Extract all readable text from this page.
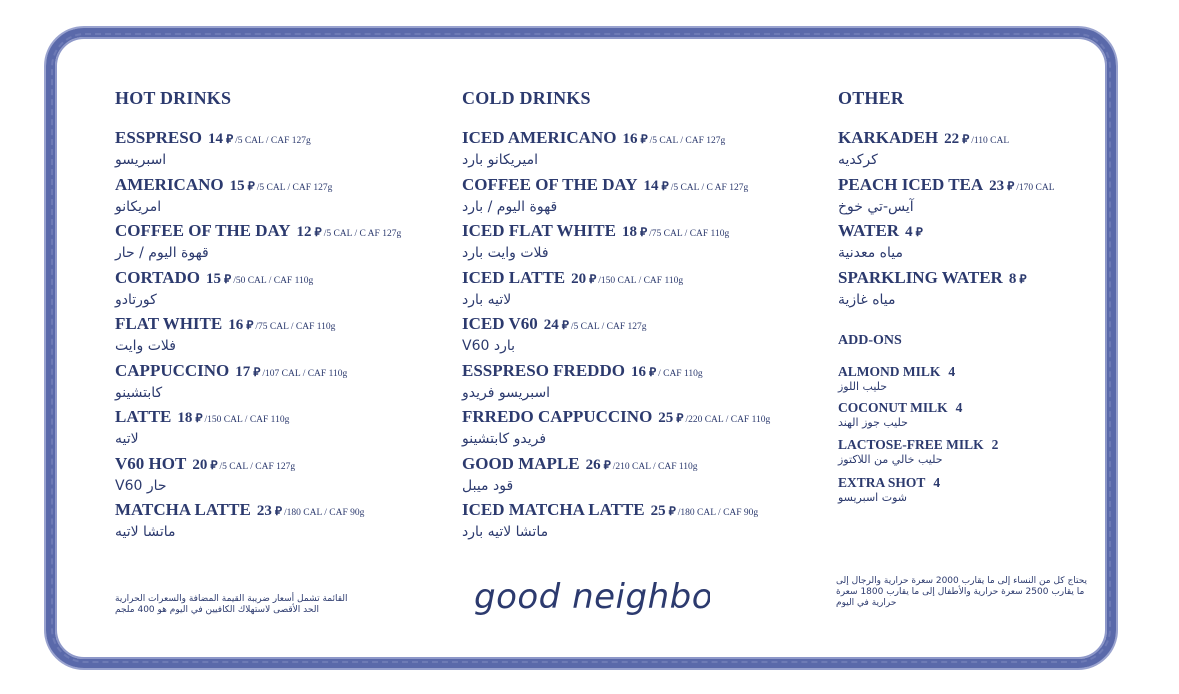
HOT DRINKS
ESSPRESO 14 ⃁ /5 CAL / CAF 127g
اسبريسو
AMERICANO 15 ⃁ /5 CAL / CAF 127g
امريكانو
COFFEE OF THE DAY 12 ⃁ /5 CAL / C AF 127g
قهوة اليوم / حار
CORTADO 15 ⃁ /50 CAL / CAF 110g
كورتادو
FLAT WHITE 16 ⃁ /75 CAL / CAF 110g
فلات وايت
CAPPUCCINO 17 ⃁ /107 CAL / CAF 110g
كابتشينو
LATTE 18 ⃁ /150 CAL / CAF 110g
لاتيه
V60 HOT 20 ⃁ /5 CAL / CAF 127g
V60 حار
MATCHA LATTE 23 ⃁ /180 CAL / CAF 90g
ماتشا لاتيه
COLD DRINKS
ICED AMERICANO 16 ⃁ /5 CAL / CAF 127g
اميريكانو بارد
COFFEE OF THE DAY 14 ⃁ /5 CAL / C AF 127g
قهوة اليوم / بارد
ICED FLAT WHITE 18 ⃁ /75 CAL / CAF 110g
فلات وايت بارد
ICED LATTE 20 ⃁ /150 CAL / CAF 110g
لاتيه بارد
ICED V60 24 ⃁ /5 CAL / CAF 127g
V60 بارد
ESSPRESO FREDDO 16 ⃁ / CAF 110g
اسبريسو فريدو
FRREDO CAPPUCCINO 25 ⃁ /220 CAL / CAF 110g
فريدو كابتشينو
GOOD MAPLE 26 ⃁ /210 CAL / CAF 110g
قود ميبل
ICED MATCHA LATTE 25 ⃁ /180 CAL / CAF 90g
ماتشا لاتيه بارد
OTHER
KARKADEH 22 ⃁ /110 CAL
كركديه
PEACH ICED TEA 23 ⃁ /170 CAL
آيس-تي خوخ
WATER 4 ⃁
مياه معدنية
SPARKLING WATER 8 ⃁
مياه غازية
ADD-ONS
ALMOND MILK 4
حليب اللوز
COCONUT MILK 4
حليب جوز الهند
LACTOSE-FREE MILK 2
حليب خالي من اللاكتوز
EXTRA SHOT 4
شوت اسبريسو
القائمة تشمل أسعار ضريبة القيمة المضافة والسعرات الحرارية الحد الأقصى لاستهلاك الكافيين في اليوم هو 400 ملجم
يحتاج كل من النساء إلى ما يقارب 2000 سعرة حرارية والرجال إلى ما يقارب 2500 سعرة حرارية والأطفال إلى ما يقارب 1800 سعرة حرارية في اليوم
good neighbor
